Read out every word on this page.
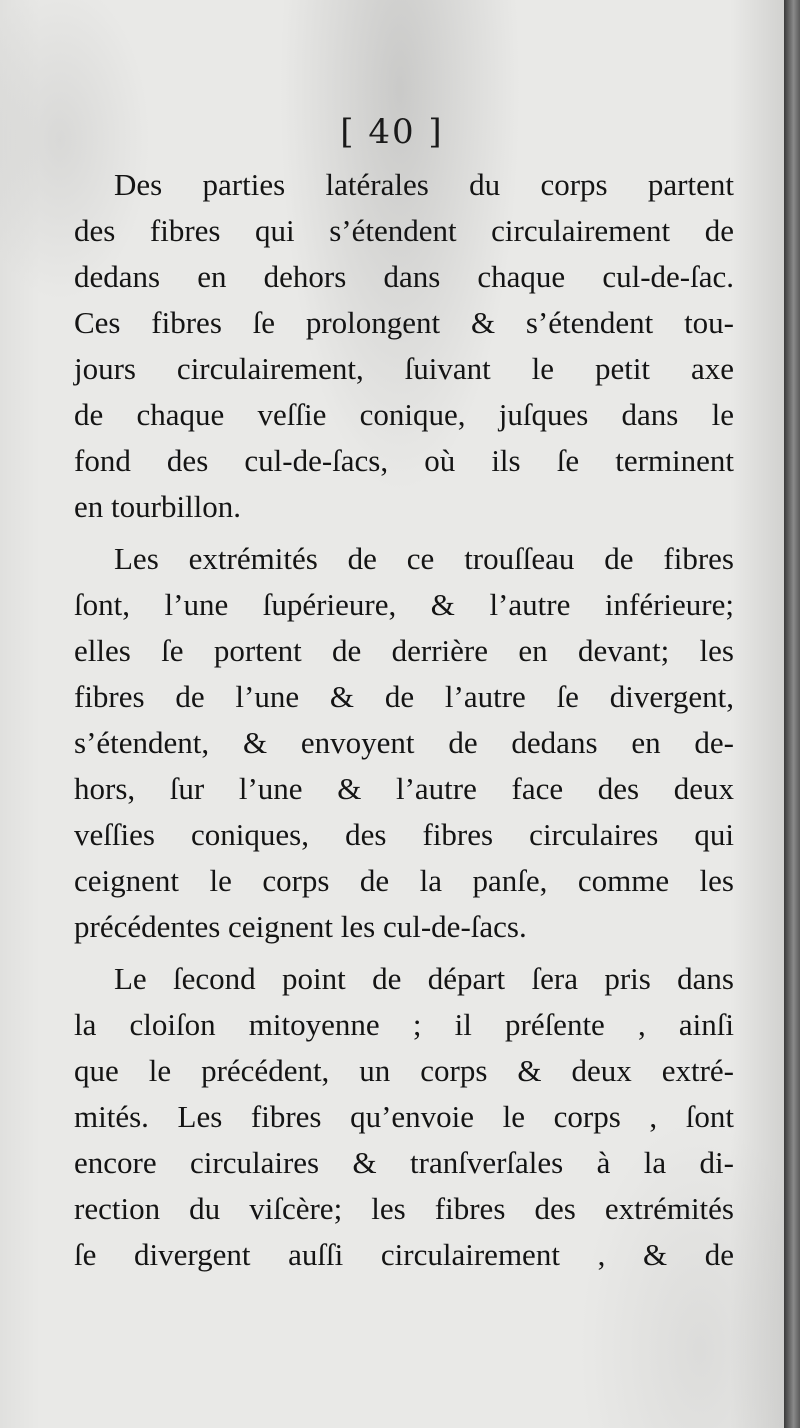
[ 40 ]
Des parties latérales du corps partent
des fibres qui s’étendent circulairement de
dedans en dehors dans chaque cul-de-ſac.
Ces fibres ſe prolongent & s’étendent tou-
jours circulairement, ſuivant le petit axe
de chaque veſſie conique, juſques dans le
fond des cul-de-ſacs, où ils ſe terminent
en tourbillon.
Les extrémités de ce trouſſeau de fibres
ſont, l’une ſupérieure, & l’autre inférieure;
elles ſe portent de derrière en devant; les
fibres de l’une & de l’autre ſe divergent,
s’étendent, & envoyent de dedans en de-
hors, ſur l’une & l’autre face des deux
veſſies coniques, des fibres circulaires qui
ceignent le corps de la panſe, comme les
précédentes ceignent les cul-de-ſacs.
Le ſecond point de départ ſera pris dans
la cloiſon mitoyenne ; il préſente , ainſi
que le précédent, un corps & deux extré-
mités. Les fibres qu’envoie le corps , ſont
encore circulaires & tranſverſales à la di-
rection du viſcère; les fibres des extrémités
ſe divergent auſſi circulairement , & de
